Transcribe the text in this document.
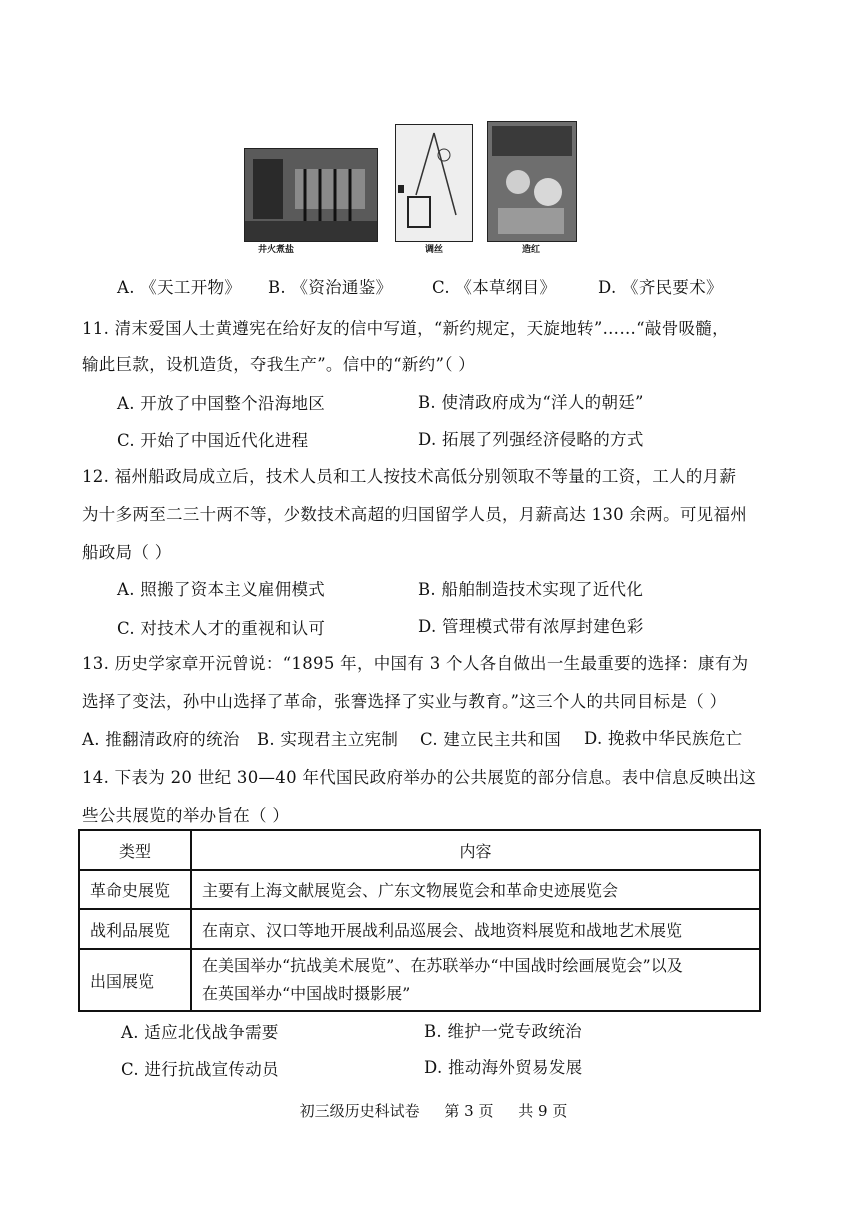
井火煮盐	调丝	造红
A. 《天工开物》 B. 《资治通鉴》 C. 《本草纲目》	D. 《齐民要术》
11. 清末爱国人士黄遵宪在给好友的信中写道，“新约规定，天旋地转”……“敲骨吸髓，
输此巨款，设机造货，夺我生产”。信中的“新约”（ ）
A. 开放了中国整个沿海地区	B. 使清政府成为“洋人的朝廷”
C. 开始了中国近代化进程	D. 拓展了列强经济侵略的方式
12. 福州船政局成立后，技术人员和工人按技术高低分别领取不等量的工资，工人的月薪
为十多两至二三十两不等，少数技术高超的归国留学人员，月薪高达 130 余两。可见福州
船政局（ ）
A. 照搬了资本主义雇佣模式	B. 船舶制造技术实现了近代化
C. 对技术人才的重视和认可	D. 管理模式带有浓厚封建色彩
13. 历史学家章开沅曾说：“1895 年，中国有 3 个人各自做出一生最重要的选择：康有为
选择了变法，孙中山选择了革命，张謇选择了实业与教育。”这三个人的共同目标是（ ）
A. 推翻清政府的统治 B. 实现君主立宪制 C. 建立民主共和国 D. 挽救中华民族危亡
14. 下表为 20 世纪 30—40 年代国民政府举办的公共展览的部分信息。表中信息反映出这
些公共展览的举办旨在（ ）
类型	内容
革命史展览	主要有上海文献展览会、广东文物展览会和革命史迹展览会
战利品展览	在南京、汉口等地开展战利品巡展会、战地资料展览和战地艺术展览
出国展览	在美国举办“抗战美术展览”、在苏联举办“中国战时绘画展览会”以及
在英国举办“中国战时摄影展”
A. 适应北伐战争需要	B. 维护一党专政统治
C. 进行抗战宣传动员	D. 推动海外贸易发展
初三级历史科试卷 第 3 页 共 9 页
